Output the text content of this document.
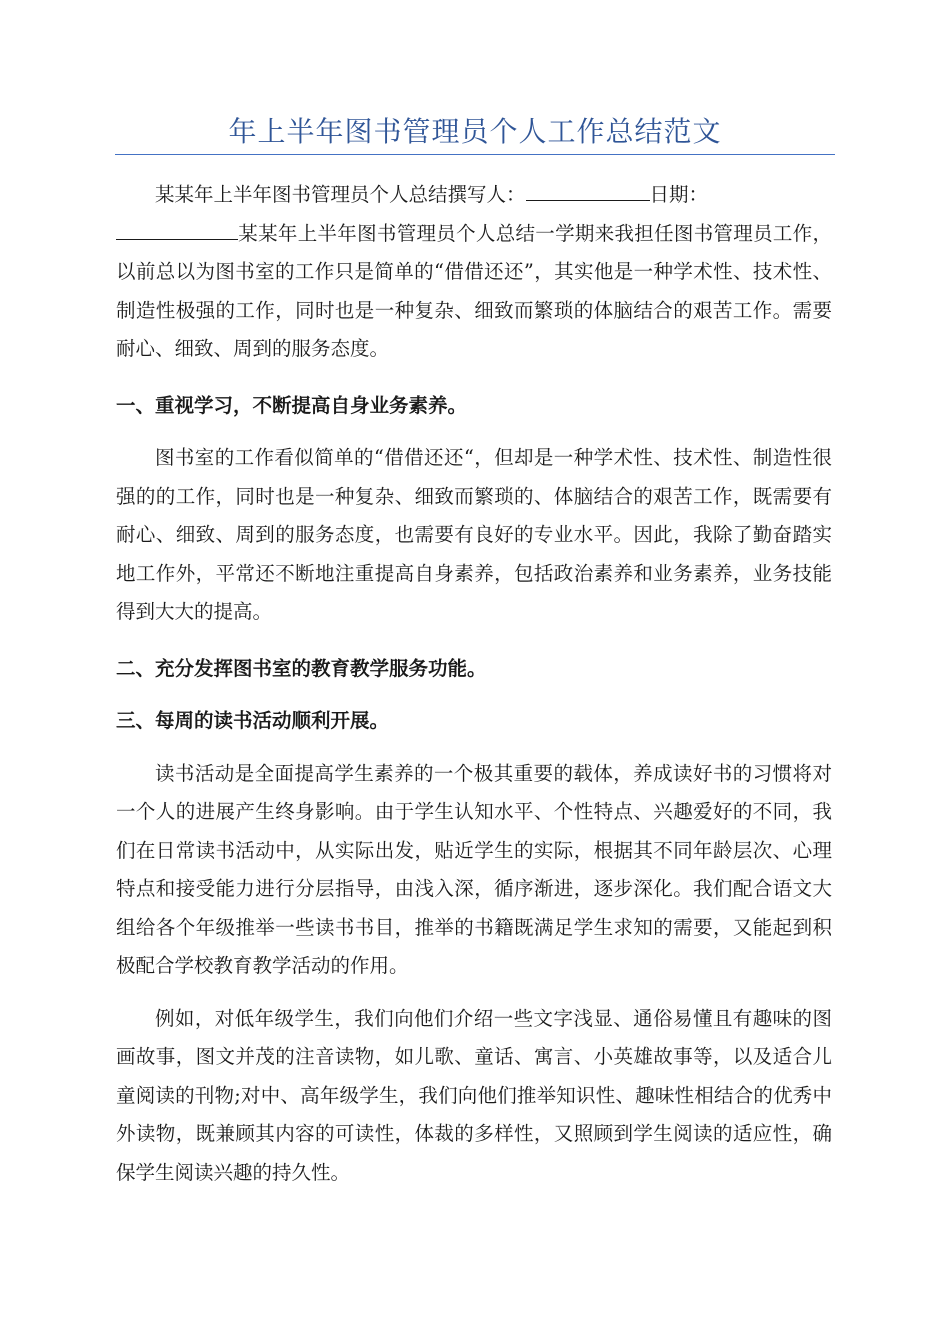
年上半年图书管理员个人工作总结范文

某某年上半年图书管理员个人总结撰写人：	日期：
某某年上半年图书管理员个人总结一学期来我担任图书管理员工作，以前总以为图书室的工作只是简单的“借借还还”，其实他是一种学术性、技术性、制造性极强的工作，同时也是一种复杂、细致而繁琐的体脑结合的艰苦工作。需要耐心、细致、周到的服务态度。

一、重视学习，不断提高自身业务素养。

图书室的工作看似简单的“借借还还“，但却是一种学术性、技术性、制造性很强的的工作，同时也是一种复杂、细致而繁琐的、体脑结合的艰苦工作，既需要有耐心、细致、周到的服务态度，也需要有良好的专业水平。因此，我除了勤奋踏实地工作外，平常还不断地注重提高自身素养，包括政治素养和业务素养，业务技能得到大大的提高。

二、充分发挥图书室的教育教学服务功能。
三、每周的读书活动顺利开展。

读书活动是全面提高学生素养的一个极其重要的载体，养成读好书的习惯将对一个人的进展产生终身影响。由于学生认知水平、个性特点、兴趣爱好的不同，我们在日常读书活动中，从实际出发，贴近学生的实际，根据其不同年龄层次、心理特点和接受能力进行分层指导，由浅入深，循序渐进，逐步深化。我们配合语文大组给各个年级推举一些读书书目，推举的书籍既满足学生求知的需要，又能起到积极配合学校教育教学活动的作用。

例如，对低年级学生，我们向他们介绍一些文字浅显、通俗易懂且有趣味的图画故事，图文并茂的注音读物，如儿歌、童话、寓言、小英雄故事等，以及适合儿童阅读的刊物;对中、高年级学生，我们向他们推举知识性、趣味性相结合的优秀中外读物，既兼顾其内容的可读性，体裁的多样性，又照顾到学生阅读的适应性，确保学生阅读兴趣的持久性。
